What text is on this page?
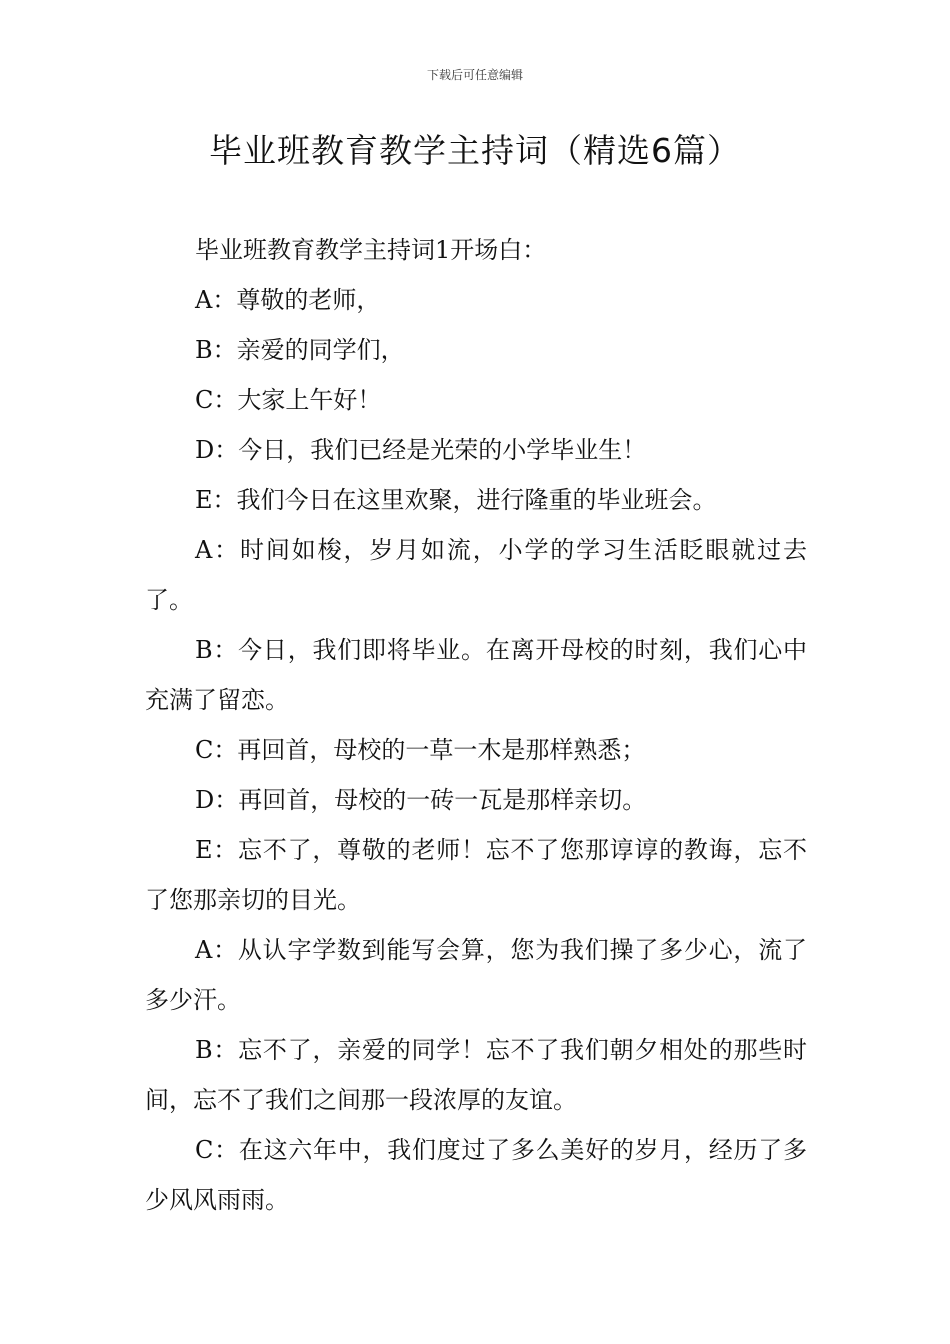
下载后可任意编辑
毕业班教育教学主持词（精选6篇）

毕业班教育教学主持词1开场白：

A：尊敬的老师，

B：亲爱的同学们，

C：大家上午好！

D：今日，我们已经是光荣的小学毕业生！

E：我们今日在这里欢聚，进行隆重的毕业班会。

A：时间如梭，岁月如流，小学的学习生活眨眼就过去了。

B：今日，我们即将毕业。在离开母校的时刻，我们心中充满了留恋。

C：再回首，母校的一草一木是那样熟悉；

D：再回首，母校的一砖一瓦是那样亲切。

E：忘不了，尊敬的老师！忘不了您那谆谆的教诲，忘不了您那亲切的目光。

A：从认字学数到能写会算，您为我们操了多少心，流了多少汗。

B：忘不了，亲爱的同学！忘不了我们朝夕相处的那些时间，忘不了我们之间那一段浓厚的友谊。

C：在这六年中，我们度过了多么美好的岁月，经历了多少风风雨雨。
